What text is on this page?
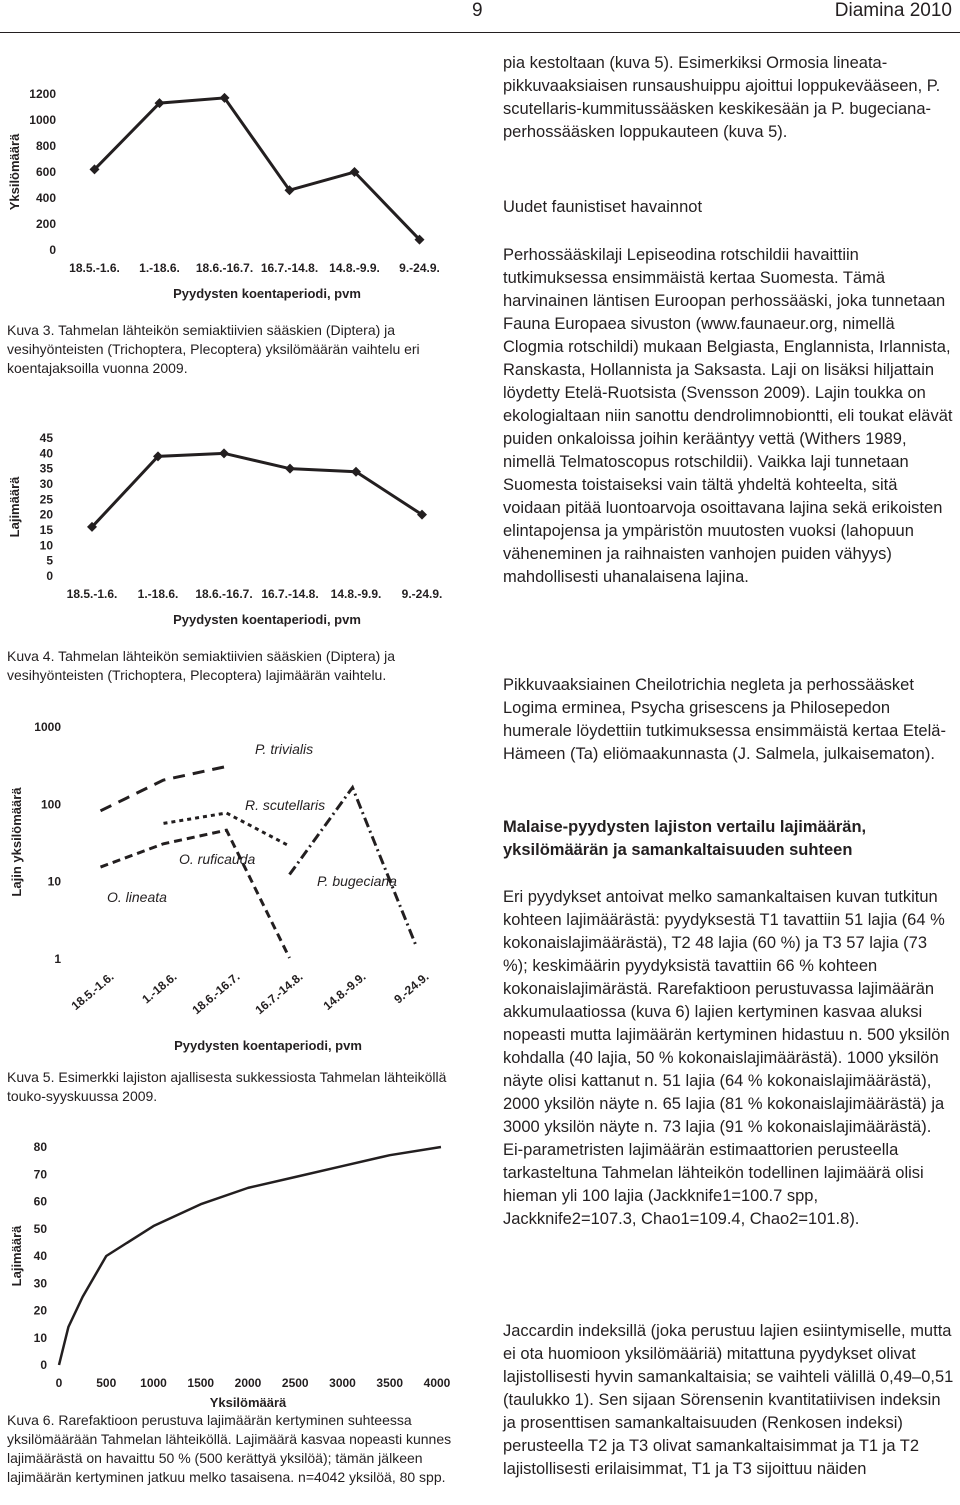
9	Diamina 2010
0
200
400
600
800
1000
1200
18.5.-1.6. 1.-18.6. 18.6.-16.7. 16.7.-14.8. 14.8.-9.9. 9.-24.9.
Pyydysten koentaperiodi, pvm
Yksilömäärä
Kuva 3. Tahmelan lähteikön semiaktiivien sääskien (Diptera) ja vesihyönteisten (Trichoptera, Plecoptera) yksilömäärän vaihtelu eri koentajaksoilla vuonna 2009.
0
5
10
15
20
25
30
35
40
45
18.5.-1.6. 1.-18.6. 18.6.-16.7. 16.7.-14.8. 14.8.-9.9. 9.-24.9.
Pyydysten koentaperiodi, pvm
Lajimäärä
Kuva 4. Tahmelan lähteikön semiaktiivien sääskien (Diptera) ja vesihyönteisten (Trichoptera, Plecoptera) lajimäärän vaihtelu.
1
10
100
1000
18.5.-1.6. 1.-18.6. 18.6.-16.7. 16.7.-14.8. 14.8.-9.9. 9.-24.9.
Pyydysten koentaperiodi, pvm
Lajin yksilömäärä
P. trivialis
R. scutellaris
O. ruficauda
O. lineata
P. bugeciana
Kuva 5. Esimerkki lajiston ajallisesta sukkessiosta Tahmelan lähteiköllä touko-syyskuussa 2009.
0
10
20
30
40
50
60
70
80
0	500 1000 1500 2000 2500 3000 3500 4000
Yksilömäärä
Lajimäärä
Kuva 6. Rarefaktioon perustuva lajimäärän kertyminen suhteessa yksilömäärään Tahmelan lähteiköllä. Lajimäärä kasvaa nopeasti kunnes lajimäärästä on havaittu 50 % (500 kerättyä yksilöä); tämän jälkeen lajimäärän kertyminen jatkuu melko tasaisena. n=4042 yksilöä, 80 spp.
pia kestoltaan (kuva 5). Esimerkiksi Ormosia lineata-pikkuvaaksiaisen runsaushuippu ajoittui loppukevääseen, P. scutellaris-kummitussääsken keskikesään ja P. bugeciana-perhossääsken loppukauteen (kuva 5).
Uudet faunistiset havainnot
Perhossääskilaji Lepiseodina rotschildii havaittiin tutkimuksessa ensimmäistä kertaa Suomesta. Tämä harvinainen läntisen Euroopan perhossääski, joka tunnetaan Fauna Europaea sivuston (www.faunaeur.org, nimellä Clogmia rotschildi) mukaan Belgiasta, Englannista, Irlannista, Ranskasta, Hollannista ja Saksasta. Laji on lisäksi hiljattain löydetty Etelä-Ruotsista (Svensson 2009). Lajin toukka on ekologialtaan niin sanottu dendrolimnobiontti, eli toukat elävät puiden onkaloissa joihin kerääntyy vettä (Withers 1989, nimellä Telmatoscopus rotschildii). Vaikka laji tunnetaan Suomesta toistaiseksi vain tältä yhdeltä kohteelta, sitä voidaan pitää luontoarvoja osoittavana lajina sekä erikoisten elintapojensa ja ympäristön muutosten vuoksi (lahopuun väheneminen ja raihnaisten vanhojen puiden vähyys) mahdollisesti uhanalaisena lajina.
Pikkuvaaksiainen Cheilotrichia negleta ja perhossääsket Logima erminea, Psycha grisescens ja Philosepedon humerale löydettiin tutkimuksessa ensimmäistä kertaa Etelä-Hämeen (Ta) eliömaakunnasta (J. Salmela, julkaisematon).
Malaise-pyydysten lajiston vertailu lajimäärän, yksilömäärän ja samankaltaisuuden suhteen
Eri pyydykset antoivat melko samankaltaisen kuvan tutkitun kohteen lajimäärästä: pyydyksestä T1 tavattiin 51 lajia (64 % kokonaislajimäärästä), T2 48 lajia (60 %) ja T3 57 lajia (73 %); keskimäärin pyydyksistä tavattiin 66 % kohteen kokonaislajimärästä. Rarefaktioon perustuvassa lajimäärän akkumulaatiossa (kuva 6) lajien kertyminen kasvaa aluksi nopeasti mutta lajimäärän kertyminen hidastuu n. 500 yksilön kohdalla (40 lajia, 50 % kokonaislajimäärästä). 1000 yksilön näyte olisi kattanut n. 51 lajia (64 % kokonaislajimäärästä), 2000 yksilön näyte n. 65 lajia (81 % kokonaislajimäärästä) ja 3000 yksilön näyte n. 73 lajia (91 % kokonaislajimäärästä). Ei-parametristen lajimäärän estimaattorien perusteella tarkasteltuna Tahmelan lähteikön todellinen lajimäärä olisi hieman yli 100 lajia (Jackknife1=100.7 spp, Jackknife2=107.3, Chao1=109.4, Chao2=101.8).
Jaccardin indeksillä (joka perustuu lajien esiintymiselle, mutta ei ota huomioon yksilömääriä) mitattuna pyydykset olivat lajistollisesti hyvin samankaltaisia; se vaihteli välillä 0,49–0,51 (taulukko 1). Sen sijaan Sörensenin kvantitatiivisen indeksin ja prosenttisen samankaltaisuuden (Renkosen indeksi) perusteella T2 ja T3 olivat samankaltaisimmat ja T1 ja T2 lajistollisesti erilaisimmat, T1 ja T3 sijoittuu näiden
